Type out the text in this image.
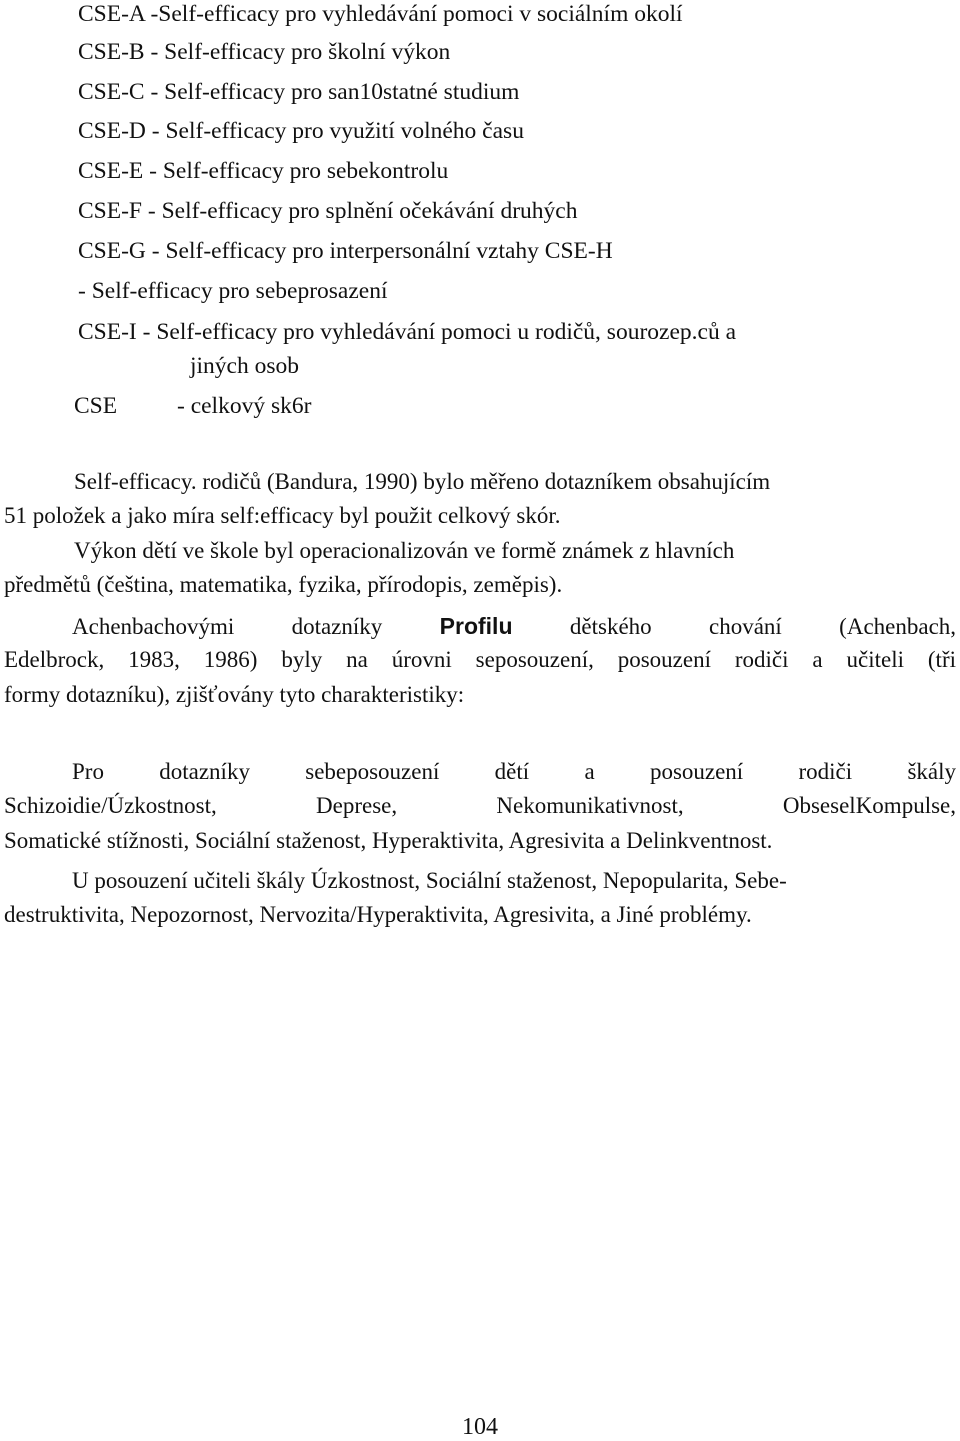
CSE-A -Self-efficacy pro vyhledávání pomoci v sociálním okolí
CSE-B - Self-efficacy pro školní výkon
CSE-C - Self-efficacy pro san10statné studium
CSE-D - Self-efficacy pro využití volného času
CSE-E - Self-efficacy pro sebekontrolu
CSE-F - Self-efficacy pro splnění očekávání druhých
CSE-G - Self-efficacy pro interpersonální vztahy CSE-H
- Self-efficacy pro sebeprosazení
CSE-I - Self-efficacy pro vyhledávání pomoci u rodičů, sourozep.ců a
jiných osob
CSE	- celkový sk6r
Self-efficacy. rodičů (Bandura, 1990) bylo měřeno dotazníkem obsahujícím
51 položek a jako míra self:efficacy byl použit celkový skór.
Výkon dětí ve škole byl operacionalizován ve formě známek z hlavních
předmětů (čeština, matematika, fyzika, přírodopis, zeměpis).
Achenbachovými dotazníky Profilu dětského chování (Achenbach,
Edelbrock, 1983, 1986) byly na úrovni seposouzení, posouzení rodiči a učiteli (tři
formy dotazníku), zjišťovány tyto charakteristiky:
Pro dotazníky sebeposouzení dětí a posouzení rodiči škály
Schizoidie/Úzkostnost, Deprese, Nekomunikativnost, ObseselKompulse,
Somatické stížnosti, Sociální staženost, Hyperaktivita, Agresivita a Delinkventnost.
U posouzení učiteli škály Úzkostnost, Sociální staženost, Nepopularita, Sebe-
destruktivita, Nepozornost, Nervozita/Hyperaktivita, Agresivita, a Jiné problémy.
104
